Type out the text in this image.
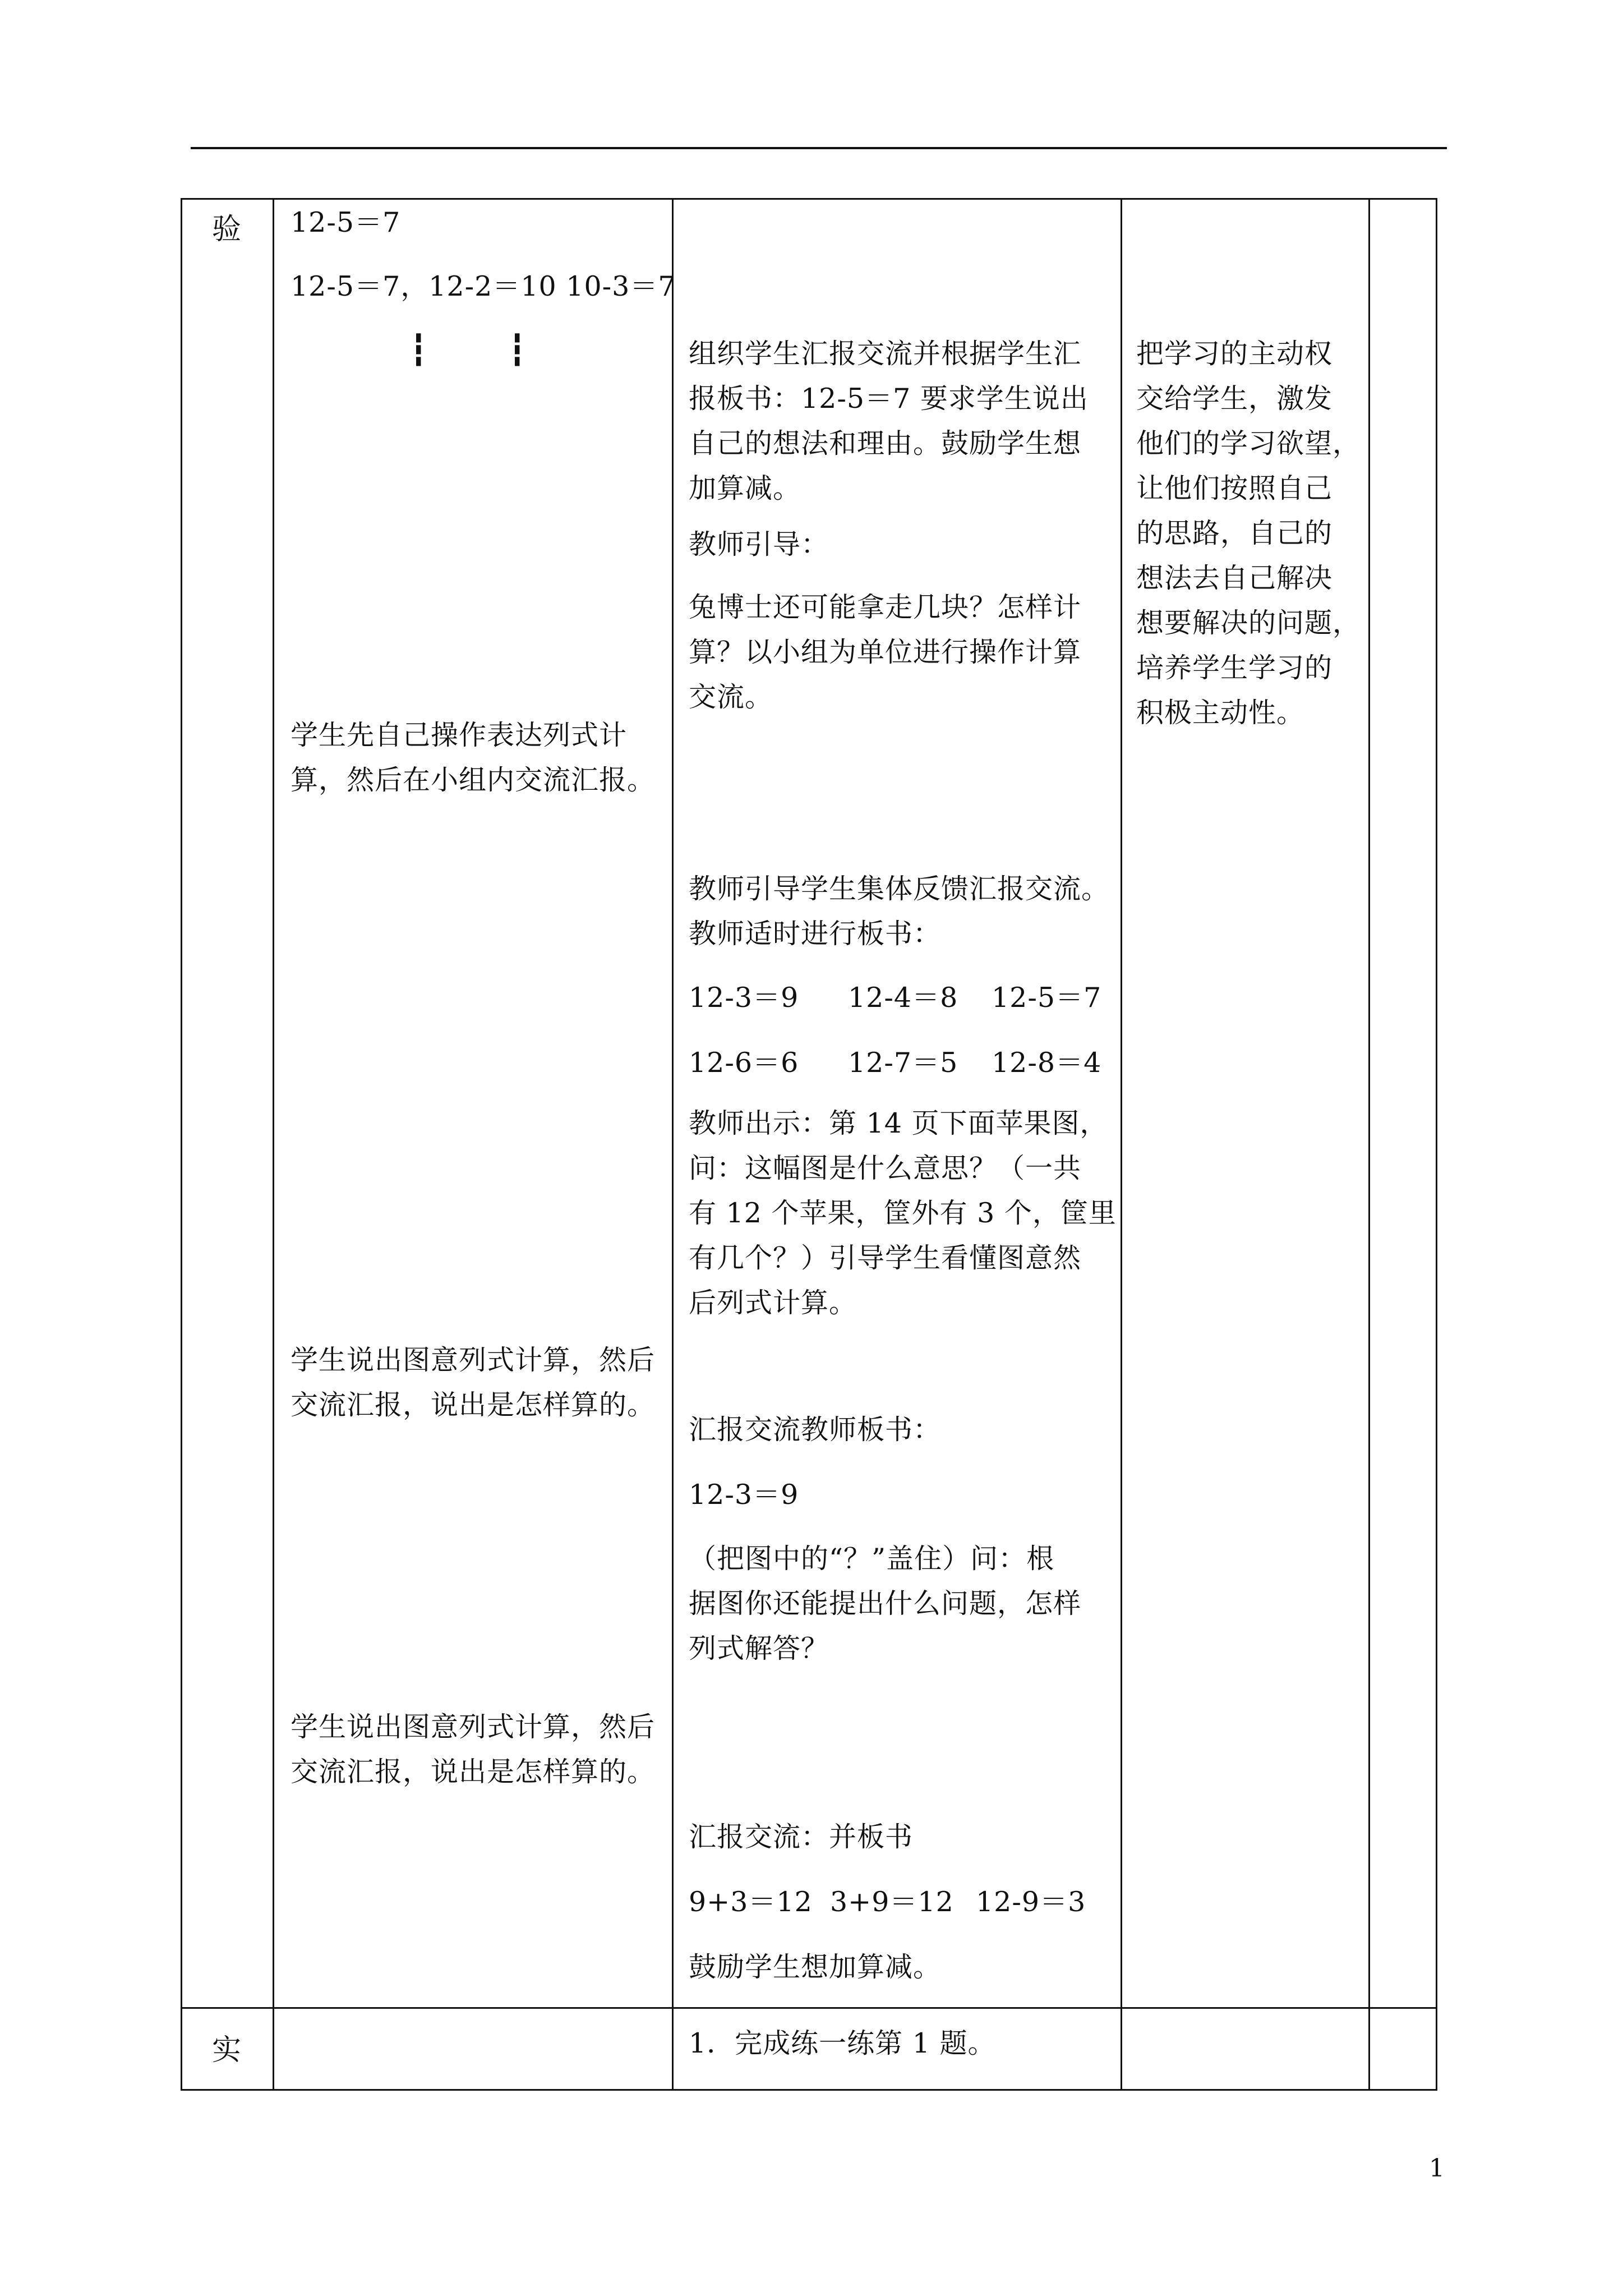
验 12-5＝7
12-5＝7，12-2＝10 10-3＝7
┇	┇
学生先自己操作表达列式计
算，然后在小组内交流汇报。
学生说出图意列式计算，然后
交流汇报，说出是怎样算的。
学生说出图意列式计算，然后
交流汇报，说出是怎样算的。
组织学生汇报交流并根据学生汇
报板书：12-5＝7 要求学生说出
自己的想法和理由。鼓励学生想
加算减。
教师引导：
兔博士还可能拿走几块？怎样计
算？以小组为单位进行操作计算
交流。
教师引导学生集体反馈汇报交流。
教师适时进行板书：
12-3＝9 12-4＝8 12-5＝7
12-6＝6 12-7＝5 12-8＝4
教师出示：第 14 页下面苹果图，
问：这幅图是什么意思？（一共
有 12 个苹果，筐外有 3 个，筐里
有几个？）引导学生看懂图意然
后列式计算。
汇报交流教师板书：
12-3＝9
（把图中的“？”盖住）问：根
据图你还能提出什么问题，怎样
列式解答？
汇报交流：并板书
9+3＝12 3+9＝12 12-9＝3
鼓励学生想加算减。
把学习的主动权
交给学生，激发
他们的学习欲望，
让他们按照自己
的思路，自己的
想法去自己解决
想要解决的问题，
培养学生学习的
积极主动性。
实	1．完成练一练第 1 题。
1
